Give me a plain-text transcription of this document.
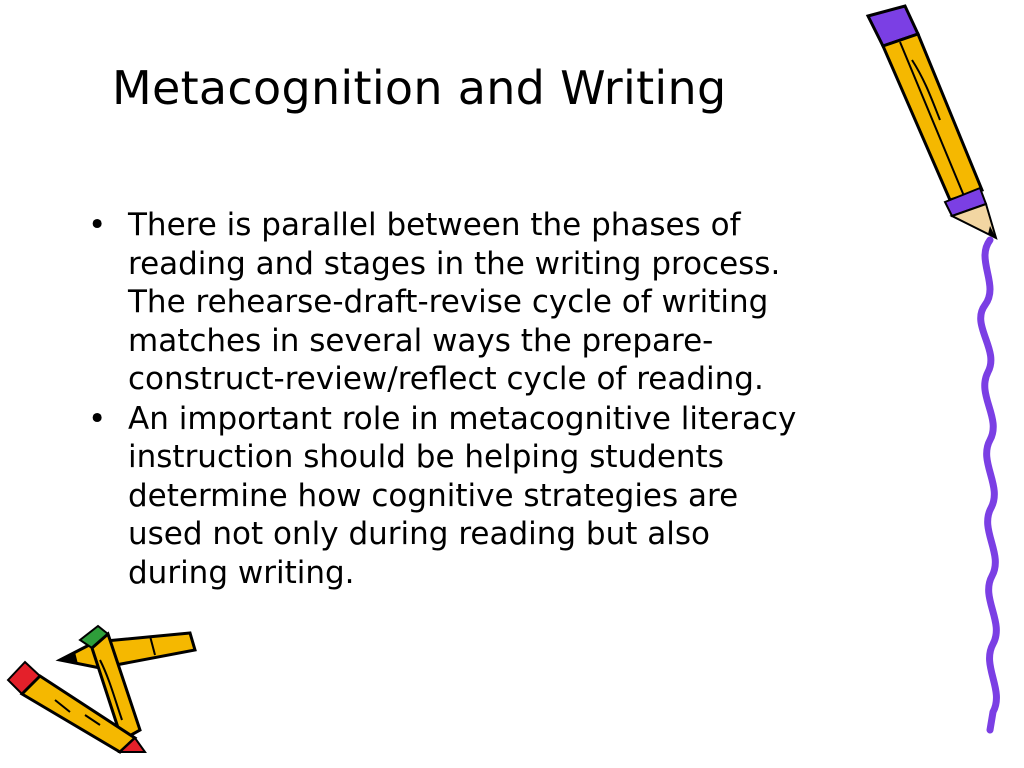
Metacognition and Writing
• There is parallel between the phases of
reading and stages in the writing process.
The rehearse-draft-revise cycle of writing
matches in several ways the prepare-
construct-review/reflect cycle of reading.
• An important role in metacognitive literacy
instruction should be helping students
determine how cognitive strategies are
used not only during reading but also
during writing.
